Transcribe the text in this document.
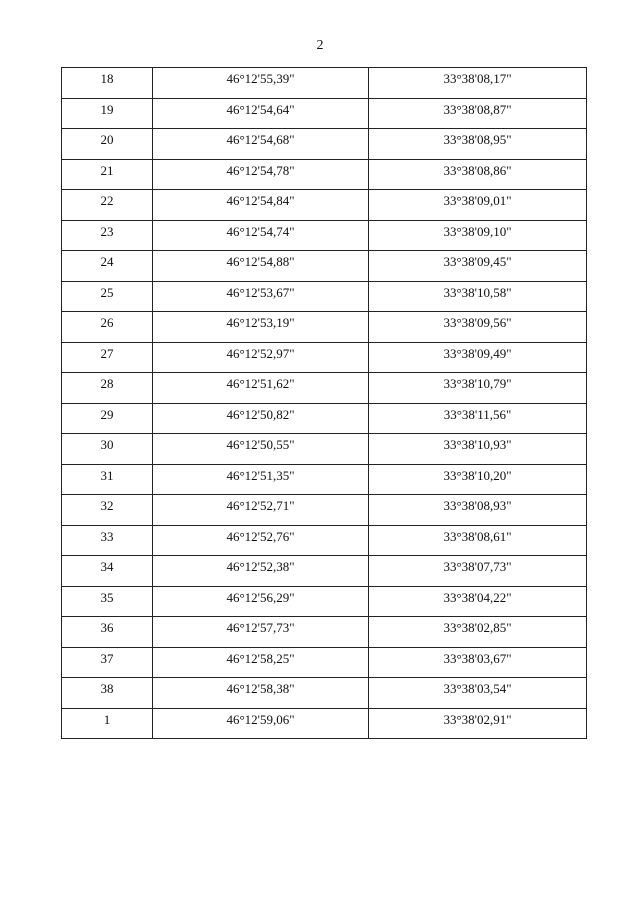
2
18	46°12'55,39"	33°38'08,17"

19	46°12'54,64"	33°38'08,87"

20	46°12'54,68"	33°38'08,95"

21	46°12'54,78"	33°38'08,86"

22	46°12'54,84"	33°38'09,01"

23	46°12'54,74"	33°38'09,10"

24	46°12'54,88"	33°38'09,45"

25	46°12'53,67"	33°38'10,58"

26	46°12'53,19"	33°38'09,56"

27	46°12'52,97"	33°38'09,49"

28	46°12'51,62"	33°38'10,79"

29	46°12'50,82"	33°38'11,56"

30	46°12'50,55"	33°38'10,93"

31	46°12'51,35"	33°38'10,20"

32	46°12'52,71"	33°38'08,93"

33	46°12'52,76"	33°38'08,61"

34	46°12'52,38"	33°38'07,73"

35	46°12'56,29"	33°38'04,22"

36	46°12'57,73"	33°38'02,85"

37	46°12'58,25"	33°38'03,67"

38	46°12'58,38"	33°38'03,54"

1	46°12'59,06"	33°38'02,91"
